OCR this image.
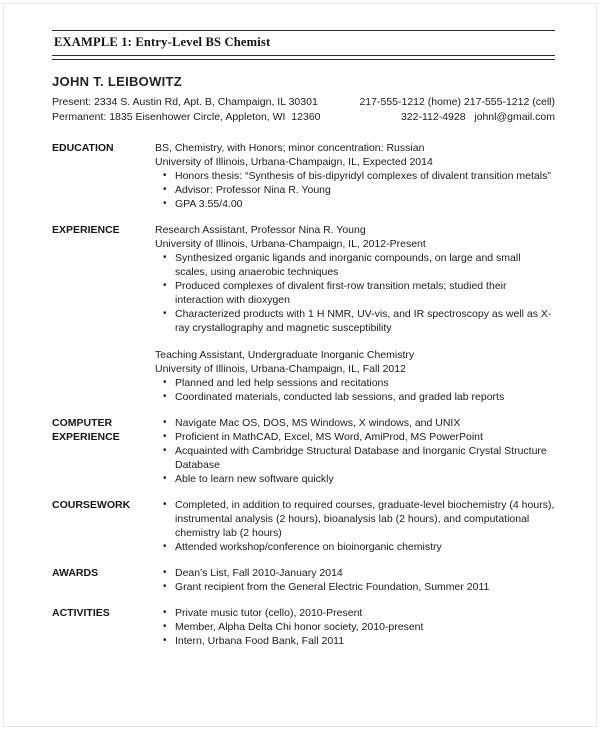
EXAMPLE 1: Entry-Level BS Chemist
JOHN T. LEIBOWITZ
Present: 2334 S. Austin Rd, Apt. B, Champaign, IL 30301	217-555-1212 (home) 217-555-1212 (cell)
Permanent: 1835 Eisenhower Circle, Appleton, WI  12360	322-112-4928   johnl@gmail.com
EDUCATION	BS, Chemistry, with Honors; minor concentration: Russian
University of Illinois, Urbana-Champaign, IL, Expected 2014
• Honors thesis: “Synthesis of bis-dipyridyl complexes of divalent transition metals”
• Advisor: Professor Nina R. Young
• GPA 3.55/4.00
EXPERIENCE	Research Assistant, Professor Nina R. Young
University of Illinois, Urbana-Champaign, IL, 2012-Present
• Synthesized organic ligands and inorganic compounds, on large and small scales, using anaerobic techniques
• Produced complexes of divalent first-row transition metals; studied their interaction with dioxygen
• Characterized products with 1 H NMR, UV-vis, and IR spectroscopy as well as X-ray crystallography and magnetic susceptibility
Teaching Assistant, Undergraduate Inorganic Chemistry
University of Illinois, Urbana-Champaign, IL, Fall 2012
• Planned and led help sessions and recitations
• Coordinated materials, conducted lab sessions, and graded lab reports
COMPUTER EXPERIENCE
• Navigate Mac OS, DOS, MS Windows, X windows, and UNIX
• Proficient in MathCAD, Excel, MS Word, AmiProd, MS PowerPoint
• Acquainted with Cambridge Structural Database and Inorganic Crystal Structure Database
• Able to learn new software quickly
COURSEWORK	• Completed, in addition to required courses, graduate-level biochemistry (4 hours), instrumental analysis (2 hours), bioanalysis lab (2 hours), and computational chemistry lab (2 hours)
• Attended workshop/conference on bioinorganic chemistry
AWARDS	• Dean's List, Fall 2010-January 2014
• Grant recipient from the General Electric Foundation, Summer 2011
ACTIVITIES	• Private music tutor (cello), 2010-Present
• Member, Alpha Delta Chi honor society, 2010-present
• Intern, Urbana Food Bank, Fall 2011
